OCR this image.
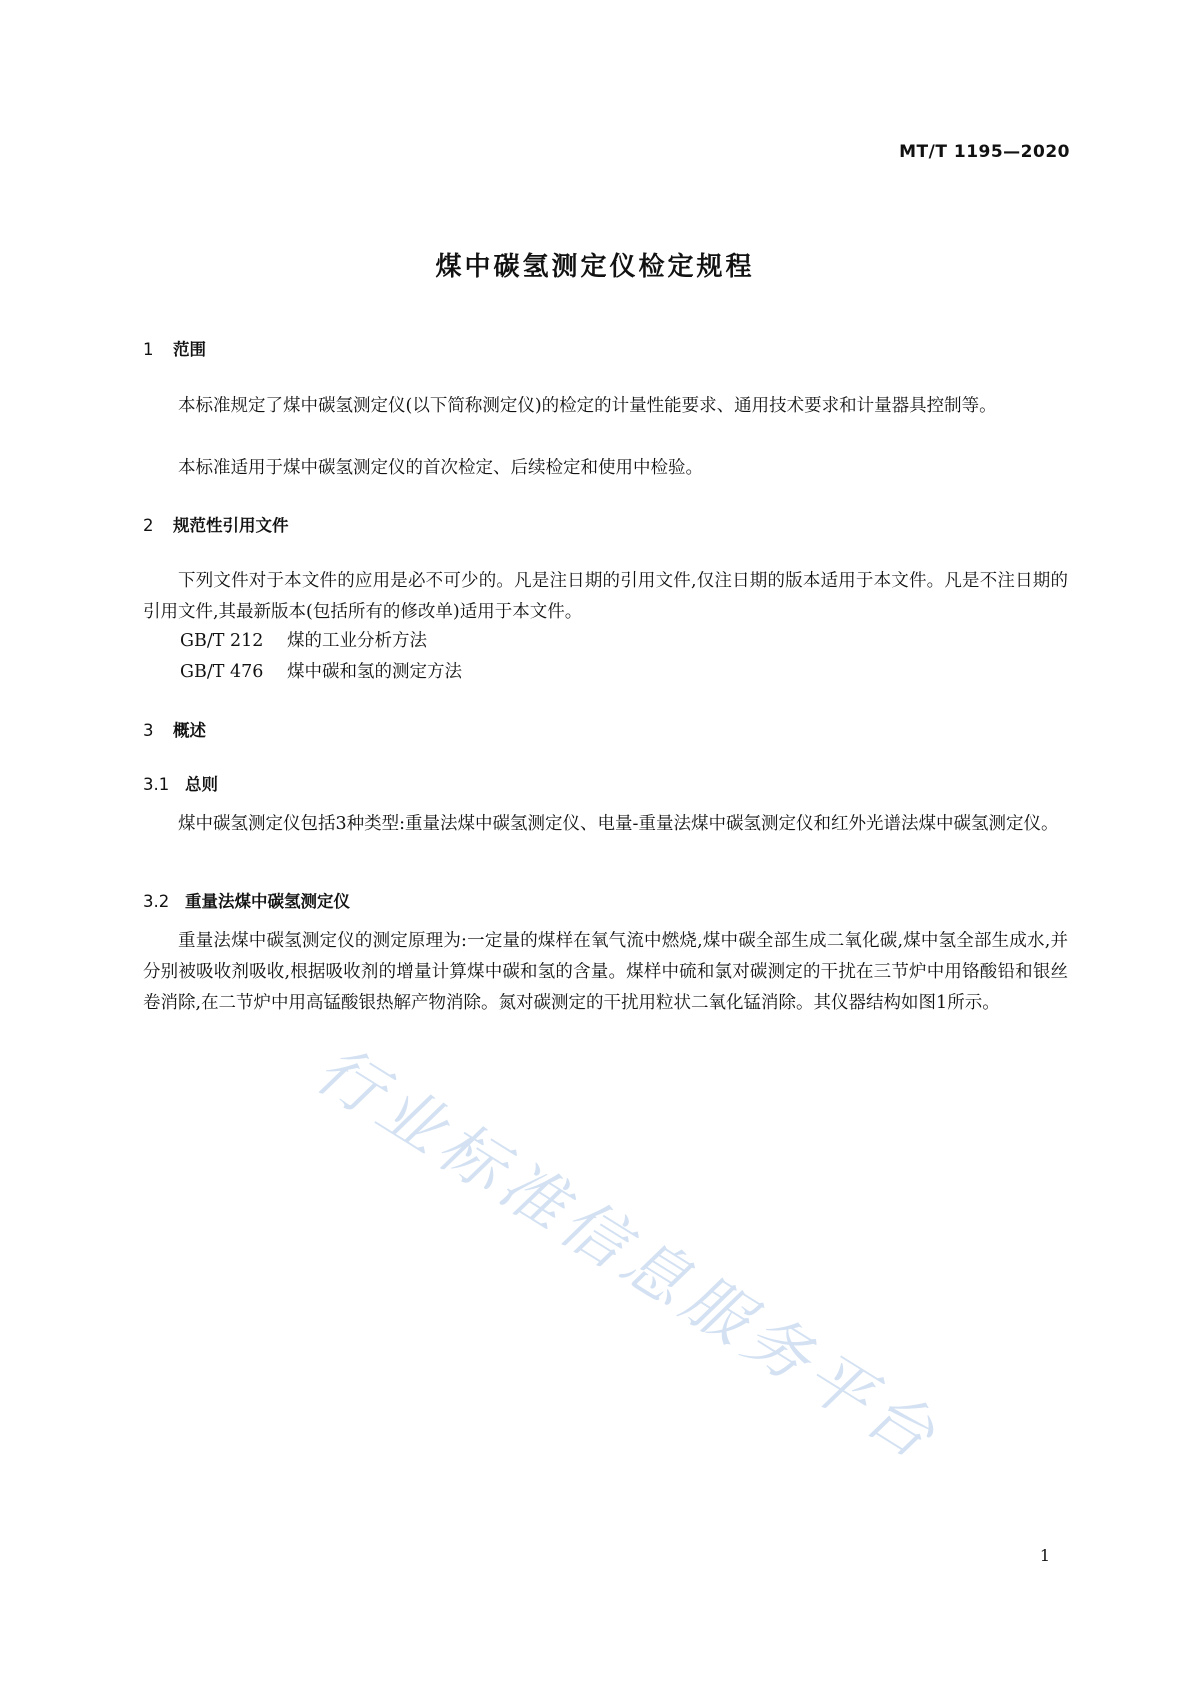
MT/T 1195—2020
煤中碳氢测定仪检定规程
1 范围
本标准规定了煤中碳氢测定仪(以下简称测定仪)的检定的计量性能要求、通用技术要求和计量器具控制等。
本标准适用于煤中碳氢测定仪的首次检定、后续检定和使用中检验。
2 规范性引用文件
下列文件对于本文件的应用是必不可少的。凡是注日期的引用文件,仅注日期的版本适用于本文件。凡是不注日期的引用文件,其最新版本(包括所有的修改单)适用于本文件。
GB/T 212 煤的工业分析方法
GB/T 476 煤中碳和氢的测定方法
3 概述
3.1 总则
煤中碳氢测定仪包括3种类型:重量法煤中碳氢测定仪、电量-重量法煤中碳氢测定仪和红外光谱法煤中碳氢测定仪。
3.2 重量法煤中碳氢测定仪
重量法煤中碳氢测定仪的测定原理为:一定量的煤样在氧气流中燃烧,煤中碳全部生成二氧化碳,煤中氢全部生成水,并分别被吸收剂吸收,根据吸收剂的增量计算煤中碳和氢的含量。煤样中硫和氯对碳测定的干扰在三节炉中用铬酸铅和银丝卷消除,在二节炉中用高锰酸银热解产物消除。氮对碳测定的干扰用粒状二氧化锰消除。其仪器结构如图1所示。
1
行业标准信息服务平台
